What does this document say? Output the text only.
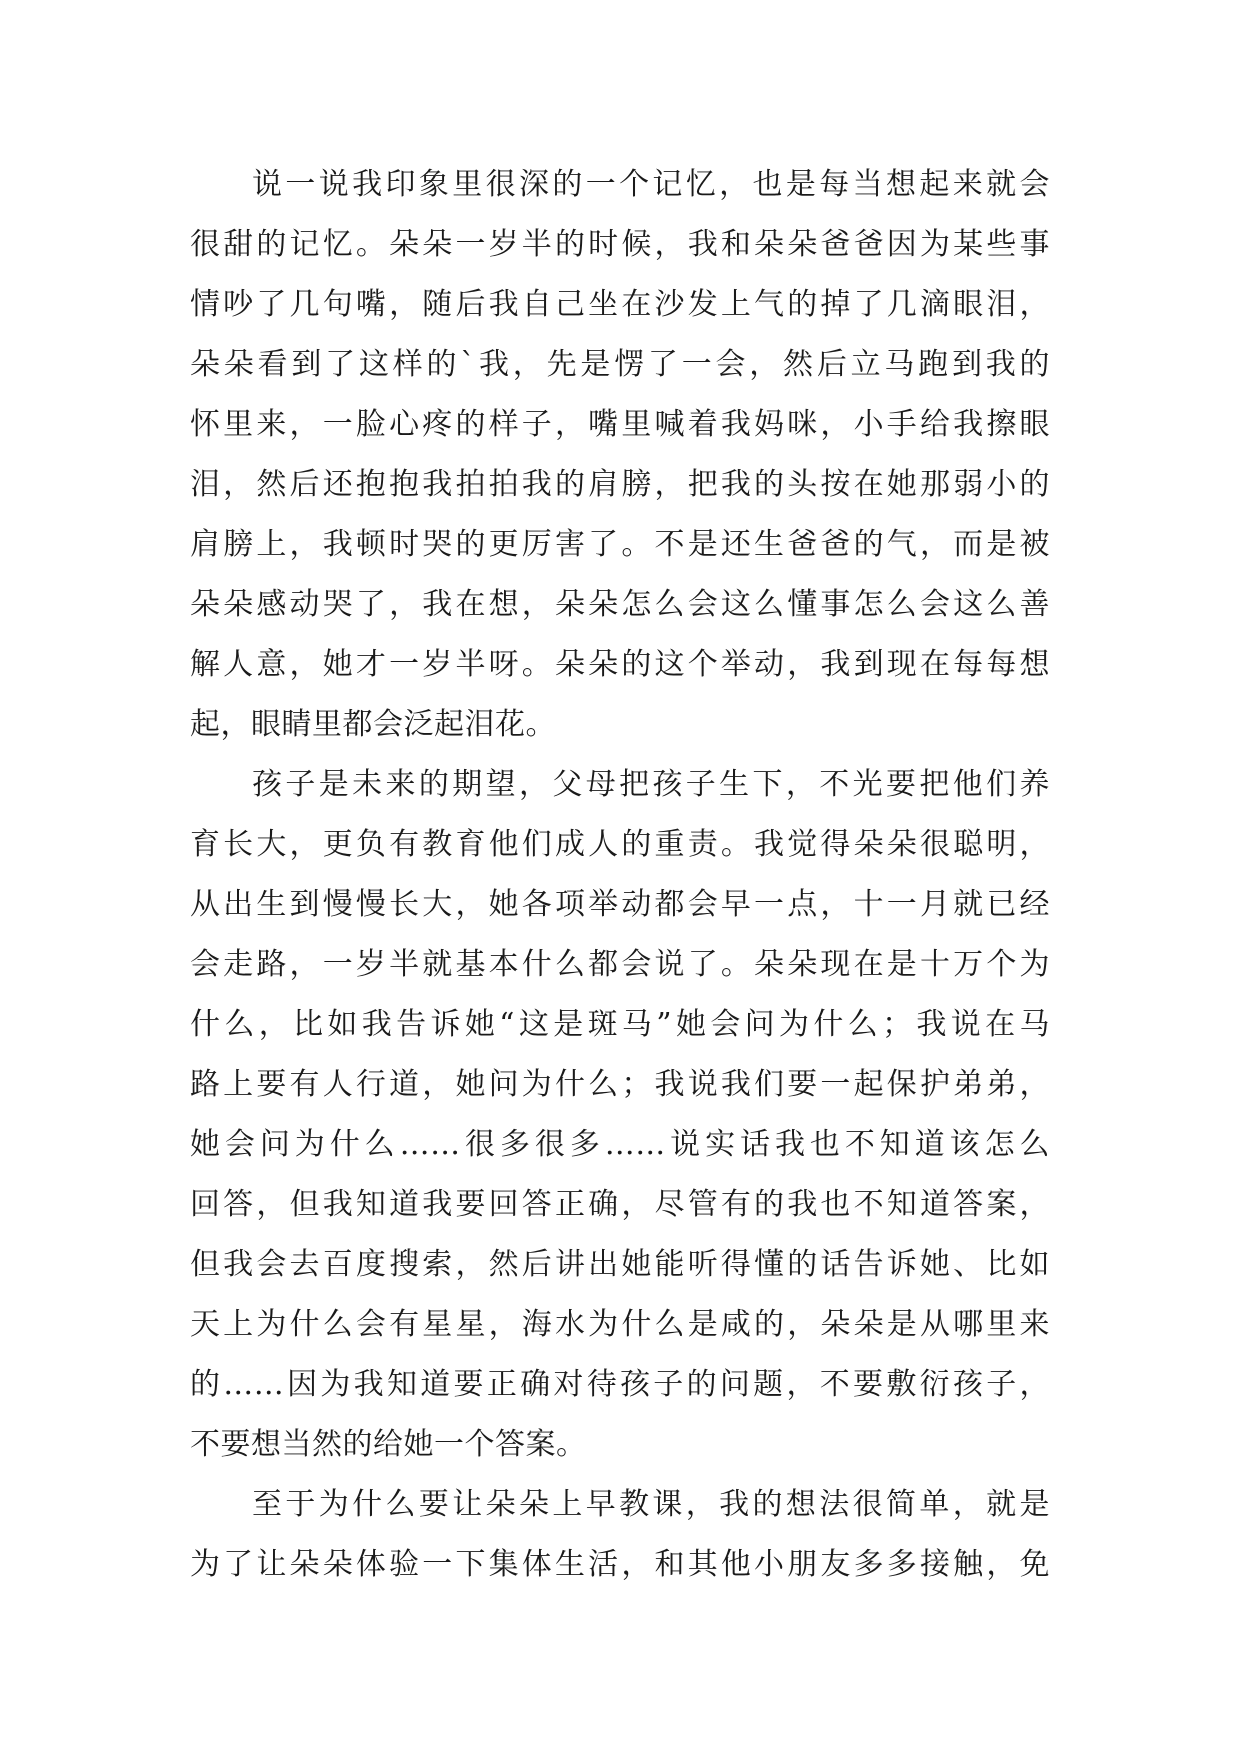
说一说我印象里很深的一个记忆，也是每当想起来就会
很甜的记忆。朵朵一岁半的时候，我和朵朵爸爸因为某些事
情吵了几句嘴，随后我自己坐在沙发上气的掉了几滴眼泪，
朵朵看到了这样的`我，先是愣了一会，然后立马跑到我的
怀里来，一脸心疼的样子，嘴里喊着我妈咪，小手给我擦眼
泪，然后还抱抱我拍拍我的肩膀，把我的头按在她那弱小的
肩膀上，我顿时哭的更厉害了。不是还生爸爸的气，而是被
朵朵感动哭了，我在想，朵朵怎么会这么懂事怎么会这么善
解人意，她才一岁半呀。朵朵的这个举动，我到现在每每想
起，眼睛里都会泛起泪花。
孩子是未来的期望，父母把孩子生下，不光要把他们养
育长大，更负有教育他们成人的重责。我觉得朵朵很聪明，
从出生到慢慢长大，她各项举动都会早一点，十一月就已经
会走路，一岁半就基本什么都会说了。朵朵现在是十万个为
什么，比如我告诉她“这是斑马”她会问为什么；我说在马
路上要有人行道，她问为什么；我说我们要一起保护弟弟，
她会问为什么……很多很多……说实话我也不知道该怎么
回答，但我知道我要回答正确，尽管有的我也不知道答案，
但我会去百度搜索，然后讲出她能听得懂的话告诉她、比如
天上为什么会有星星，海水为什么是咸的，朵朵是从哪里来
的……因为我知道要正确对待孩子的问题，不要敷衍孩子，
不要想当然的给她一个答案。
至于为什么要让朵朵上早教课，我的想法很简单，就是
为了让朵朵体验一下集体生活，和其他小朋友多多接触，免
